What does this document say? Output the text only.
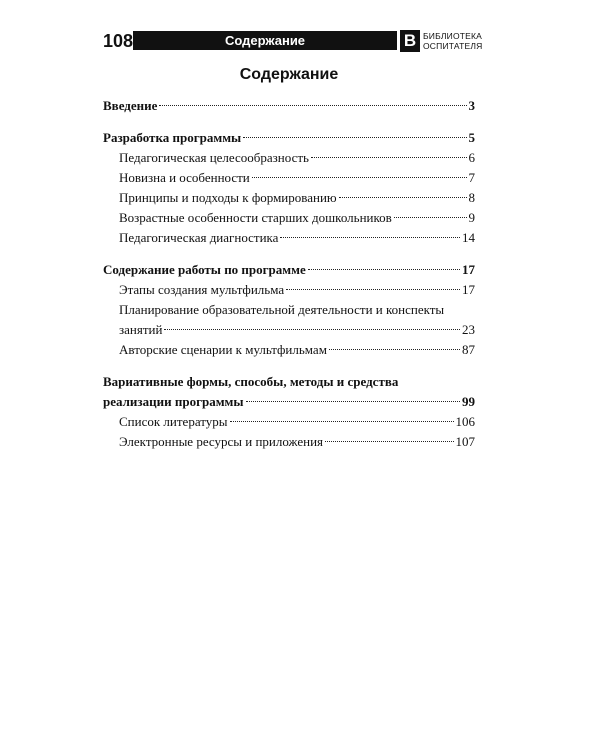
108	Содержание	В БИБЛИОТЕКА
ОСПИТАТЕЛЯ
Содержание
Введение	3
Разработка программы	5
Педагогическая целесообразность	6
Новизна и особенности	7
Принципы и подходы к формированию	8
Возрастные особенности старших дошкольников	9
Педагогическая диагностика	14
Содержание работы по программе	17
Этапы создания мультфильма	17
Планирование образовательной деятельности и конспекты
занятий	23
Авторские сценарии к мультфильмам	87
Вариативные формы, способы, методы и средства
реализации программы	99
Список литературы	106
Электронные ресурсы и приложения	107
